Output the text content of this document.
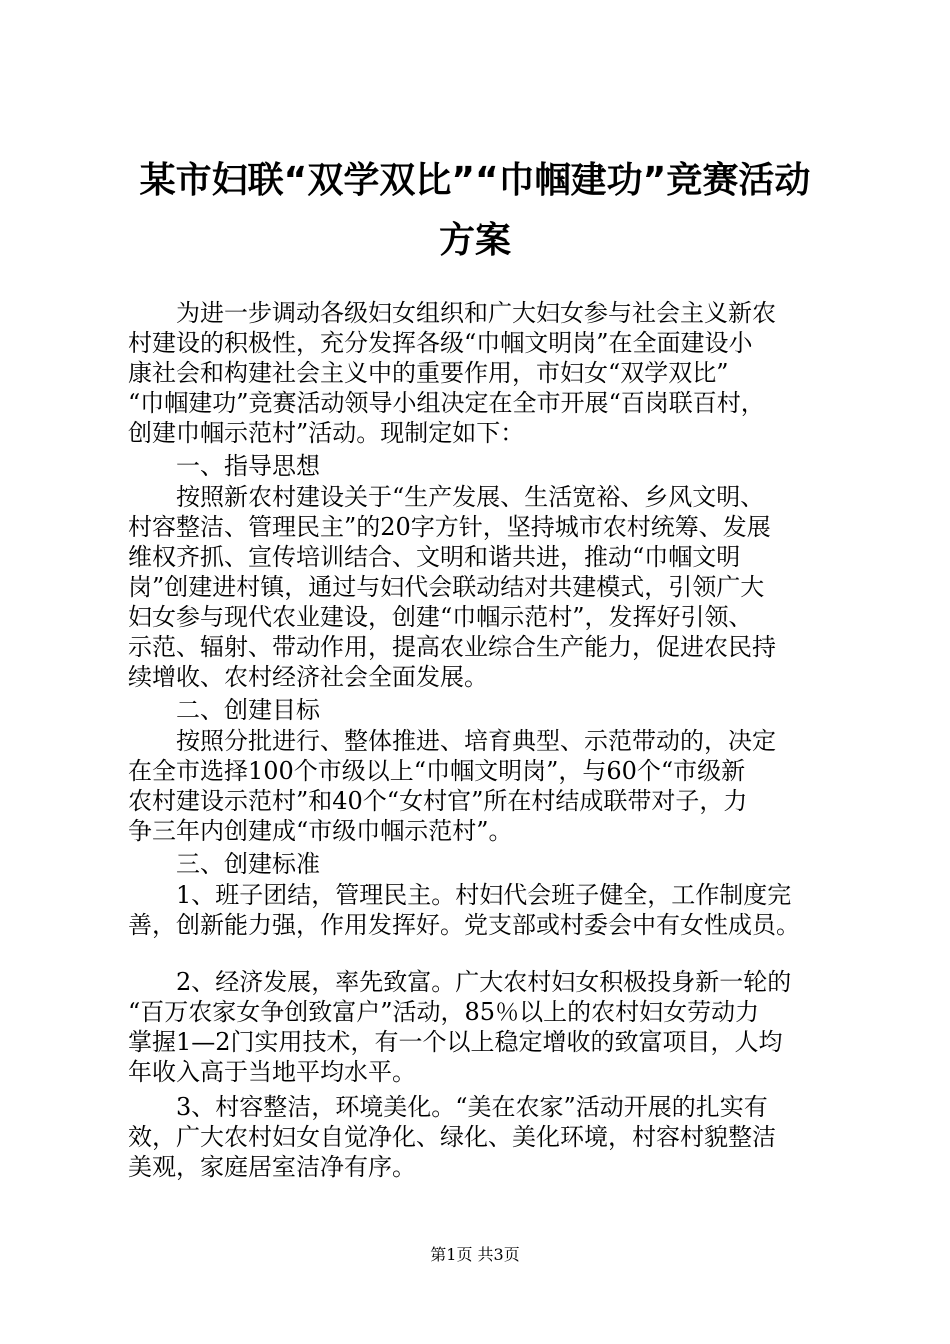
某市妇联“双学双比”“巾帼建功”竞赛活动
方案

　　为进一步调动各级妇女组织和广大妇女参与社会主义新农

村建设的积极性，充分发挥各级“巾帼文明岗”在全面建设小

康社会和构建社会主义中的重要作用，市妇女“双学双比”

“巾帼建功”竞赛活动领导小组决定在全市开展“百岗联百村，

创建巾帼示范村”活动。现制定如下：

　　一、指导思想

　　按照新农村建设关于“生产发展、生活宽裕、乡风文明、

村容整洁、管理民主”的20字方针，坚持城市农村统筹、发展

维权齐抓、宣传培训结合、文明和谐共进，推动“巾帼文明

岗”创建进村镇，通过与妇代会联动结对共建模式，引领广大

妇女参与现代农业建设，创建“巾帼示范村”，发挥好引领、

示范、辐射、带动作用，提高农业综合生产能力，促进农民持

续增收、农村经济社会全面发展。

　　二、创建目标

　　按照分批进行、整体推进、培育典型、示范带动的，决定

在全市选择100个市级以上“巾帼文明岗”，与60个“市级新

农村建设示范村”和40个“女村官”所在村结成联带对子，力

争三年内创建成“市级巾帼示范村”。

　　三、创建标准

　　1、班子团结，管理民主。村妇代会班子健全，工作制度完

善，创新能力强，作用发挥好。党支部或村委会中有女性成员。

　　2、经济发展，率先致富。广大农村妇女积极投身新一轮的

“百万农家女争创致富户”活动，85％以上的农村妇女劳动力

掌握1—2门实用技术，有一个以上稳定增收的致富项目，人均

年收入高于当地平均水平。

　　3、村容整洁，环境美化。“美在农家”活动开展的扎实有

效，广大农村妇女自觉净化、绿化、美化环境，村容村貌整洁

美观，家庭居室洁净有序。

第1页 共3页
